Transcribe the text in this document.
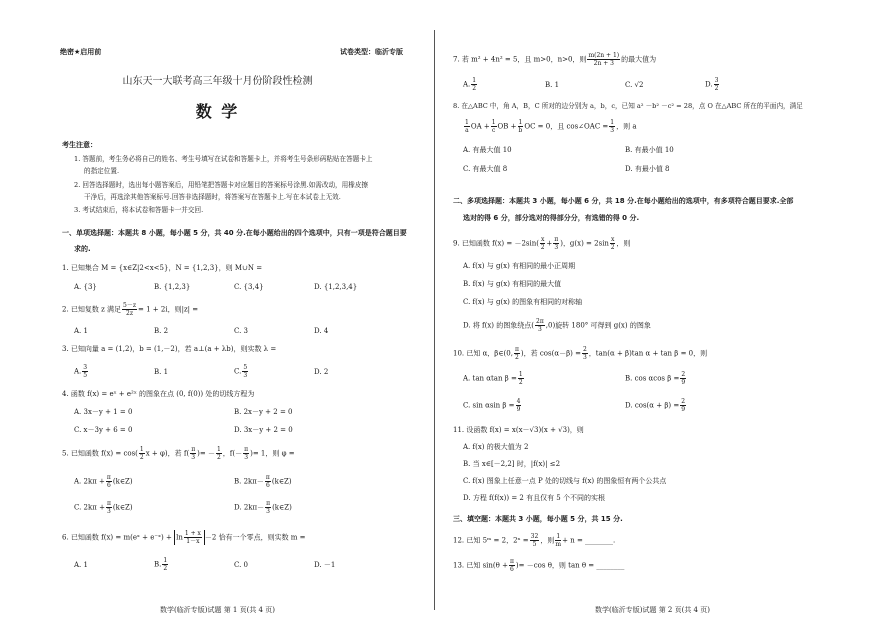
绝密★启用前	试卷类型：临沂专版
山东天一大联考高三年级十月份阶段性检测
数 学
考生注意：
1. 答题前，考生务必将自己的姓名、考生号填写在试卷和答题卡上，并将考生号条形码粘贴在答题卡上
的指定位置.
2. 回答选择题时，选出每小题答案后，用铅笔把答题卡对应题目的答案标号涂黑.如需改动，用橡皮擦
干净后，再选涂其他答案标号.回答非选择题时，将答案写在答题卡上.写在本试卷上无效.
3. 考试结束后，将本试卷和答题卡一并交回.
一、单项选择题：本题共 8 小题，每小题 5 分，共 40 分.在每小题给出的四个选项中，只有一项是符合题目要
求的.
1. 已知集合 M = {x∈Z|2<x<5}，N = {1,2,3}，则 M∪N =
A. {3}	B. {1,2,3}	C. {3,4}	D. {1,2,3,4}
2. 已知复数 z 满足 $\frac{5-z}{2z} = 1 + 2i$，则|z| =
A. 1	B. 2	C. 3	D. 4
3. 已知向量 a = (1,2)，b = (1,－2)，若 a⊥(a + λb)，则实数 λ =
A. $\frac{3}{5}$	B. 1	C. $\frac{5}{3}$	D. 2
4. 函数 f(x) = eˣ + e²ˣ 的图象在点 (0, f(0)) 处的切线方程为
A. 3x－y + 1 = 0	B. 2x－y + 2 = 0
C. x－3y + 6 = 0	D. 3x－y + 2 = 0
5. 已知函数 $f(x) = \cos( \frac{1}{2}$ x + φ)，若 $f( \frac{\pi}{3}$ )= － $\frac{1}{2}$ ，$f(- \frac{\pi}{3}$ )= 1，则 φ =
A. $2k\pi + \frac{\pi}{6}$ (k∈Z)	B. $2k\pi- \frac{\pi}{6}$ (k∈Z)
C. $2k\pi + \frac{\pi}{3}$ (k∈Z)	D. $2k\pi- \frac{\pi}{3}$ (k∈Z)
6. 已知函数 f(x) = m(eˣ + e⁻ˣ) + $\ln \frac{1 + x}{1-x} -2$ 恰有一个零点，则实数 m =
A. 1	B. $\frac{1}{2}$	C. 0	D. －1
数学(临沂专版)试题 第 1 页(共 4 页)
7. 若 m² + 4n² = 5，且 m>0，n>0，则 $\frac{m(2n + 1)}{2n + 3}$ 的最大值为
A. $\frac{1}{2}$	B. 1	C. √2	D. $\frac{3}{2}$
8. 在△ABC 中，角 A，B，C 所对的边分别为 a，b，c，已知 a² －b² －c² = 28，点 O 在△ABC 所在的平面内，满足
$\frac{1}{a}$ OA + $\frac{1}{c}$ OB + $\frac{1}{b}$ OC = 0，且 cos∠OAC = $\frac{1}{3}$ ，则 a
A. 有最大值 10	B. 有最小值 10
C. 有最大值 8	D. 有最小值 8
二、多项选择题：本题共 3 小题，每小题 6 分，共 18 分.在每小题给出的选项中，有多项符合题目要求.全部
选对的得 6 分，部分选对的得部分分，有选错的得 0 分.
9. 已知函数 $f(x) = -2\sin( \frac{x}{2} + \frac{\pi}{3}$ )，$g(x) = 2\sin \frac{x}{2}$ ，则
A. f(x) 与 g(x) 有相同的最小正周期
B. f(x) 与 g(x) 有相同的最大值
C. f(x) 与 g(x) 的图象有相同的对称轴
D. 将 f(x) 的图象绕点( $\frac{2\pi}{3} ,0$)旋转 180° 可得到 g(x) 的图象
10. 已知 α，β∈(0, $\frac{\pi}{2}$ )，若 $\cos(\alpha-\beta) = \frac{2}{3}$ ，tan(α + β)tan α + tan β = 0，则
A. tan αtan $\beta = \frac{1}{2}$	B. cos αcos $\beta = \frac{2}{9}$
C. sin αsin $\beta = \frac{4}{9}$	D. $\cos(\alpha + \beta) = \frac{2}{9}$
11. 设函数 f(x) = x(x－√3)(x + √3)，则
A. f(x) 的极大值为 2
B. 当 x∈[－2,2] 时，|f(x)| ≤2
C. f(x) 图象上任意一点 P 处的切线与 f(x) 的图象恒有两个公共点
D. 方程 f(f(x)) = 2 有且仅有 5 个不同的实根
三、填空题：本题共 3 小题，每小题 5 分，共 15 分.
12. 已知 5ᵐ = 2，$2^n = \frac{32}{5}$ ，则 $\frac{1}{m} + n$ = ________.
13. 已知 $\sin(\theta + \frac{\pi}{6}$ )= －cos θ，则 tan θ = ________
数学(临沂专版)试题 第 2 页(共 4 页)
